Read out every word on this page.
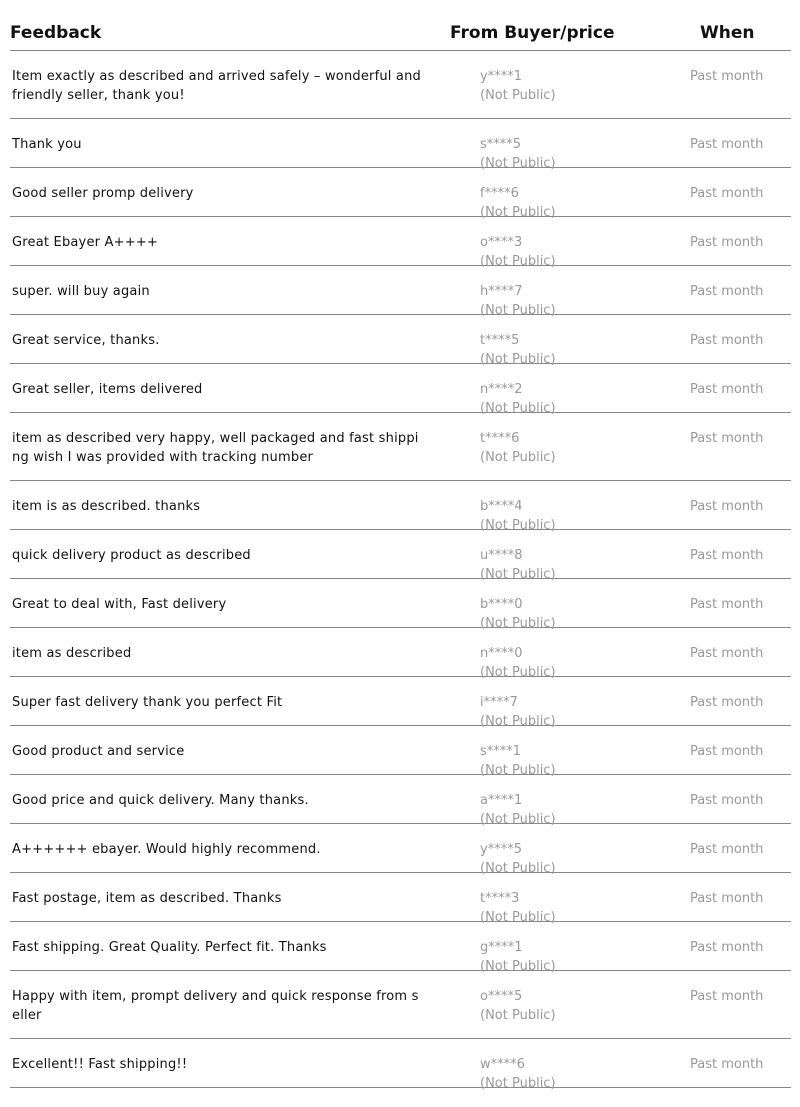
Feedback	From Buyer/price	When
Item exactly as described and arrived safely – wonderful and friendly seller, thank you!
y****1
(Not Public)
Past month
Thank you	s****5
(Not Public)
Past month
Good seller promp delivery	f****6
(Not Public)
Past month
Great Ebayer A++++	o****3
(Not Public)
Past month
super. will buy again	h****7
(Not Public)
Past month
Great service, thanks.	t****5
(Not Public)
Past month
Great seller, items delivered	n****2
(Not Public)
Past month
item as described very happy, well packaged and fast shipping wish I was provided with tracking number
t****6
(Not Public)
Past month
item is as described. thanks	b****4
(Not Public)
Past month
quick delivery product as described	u****8
(Not Public)
Past month
Great to deal with, Fast delivery	b****0
(Not Public)
Past month
item as described	n****0
(Not Public)
Past month
Super fast delivery thank you perfect Fit	i****7
(Not Public)
Past month
Good product and service	s****1
(Not Public)
Past month
Good price and quick delivery. Many thanks.	a****1
(Not Public)
Past month
A++++++ ebayer. Would highly recommend.	y****5
(Not Public)
Past month
Fast postage, item as described. Thanks	t****3
(Not Public)
Past month
Fast shipping. Great Quality. Perfect fit. Thanks	g****1
(Not Public)
Past month
Happy with item, prompt delivery and quick response from seller
o****5
(Not Public)
Past month
Excellent!! Fast shipping!!	w****6
(Not Public)
Past month
